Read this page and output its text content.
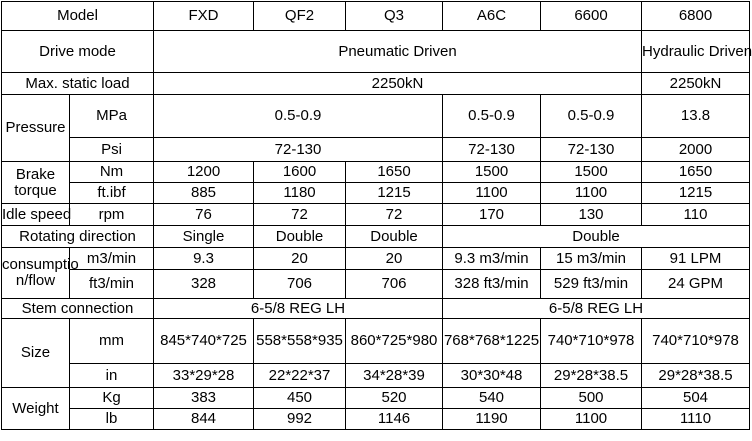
Model		FXD	QF2	Q3	A6C	6600	6800
Drive mode		Pneumatic Driven					Hydraulic Driven
Max. static load		2250kN					2250kN
Pressure	MPa	0.5-0.9			0.5-0.9	0.5-0.9	13.8
	Psi	72-130			72-130	72-130	2000
Brake
torque	Nm	1200	1600	1650	1500	1500	1650
	ft.ibf	885	1180	1215	1100	1100	1215
Idle speed	rpm	76	72	72	170	130	110
Rotating direction		Single	Double	Double	Double		
consumptio
n/flow	m3/min	9.3	20	20	9.3 m3/min	15 m3/min	91 LPM
	ft3/min	328	706	706	328 ft3/min	529 ft3/min	24 GPM
Stem connection		6-5/8 REG LH			6-5/8 REG LH		
Size	mm	845*740*725	558*558*935	860*725*980	768*768*1225	740*710*978	740*710*978
	in	33*29*28	22*22*37	34*28*39	30*30*48	29*28*38.5	29*28*38.5
Weight	Kg	383	450	520	540	500	504
	lb	844	992	1146	1190	1100	1110
